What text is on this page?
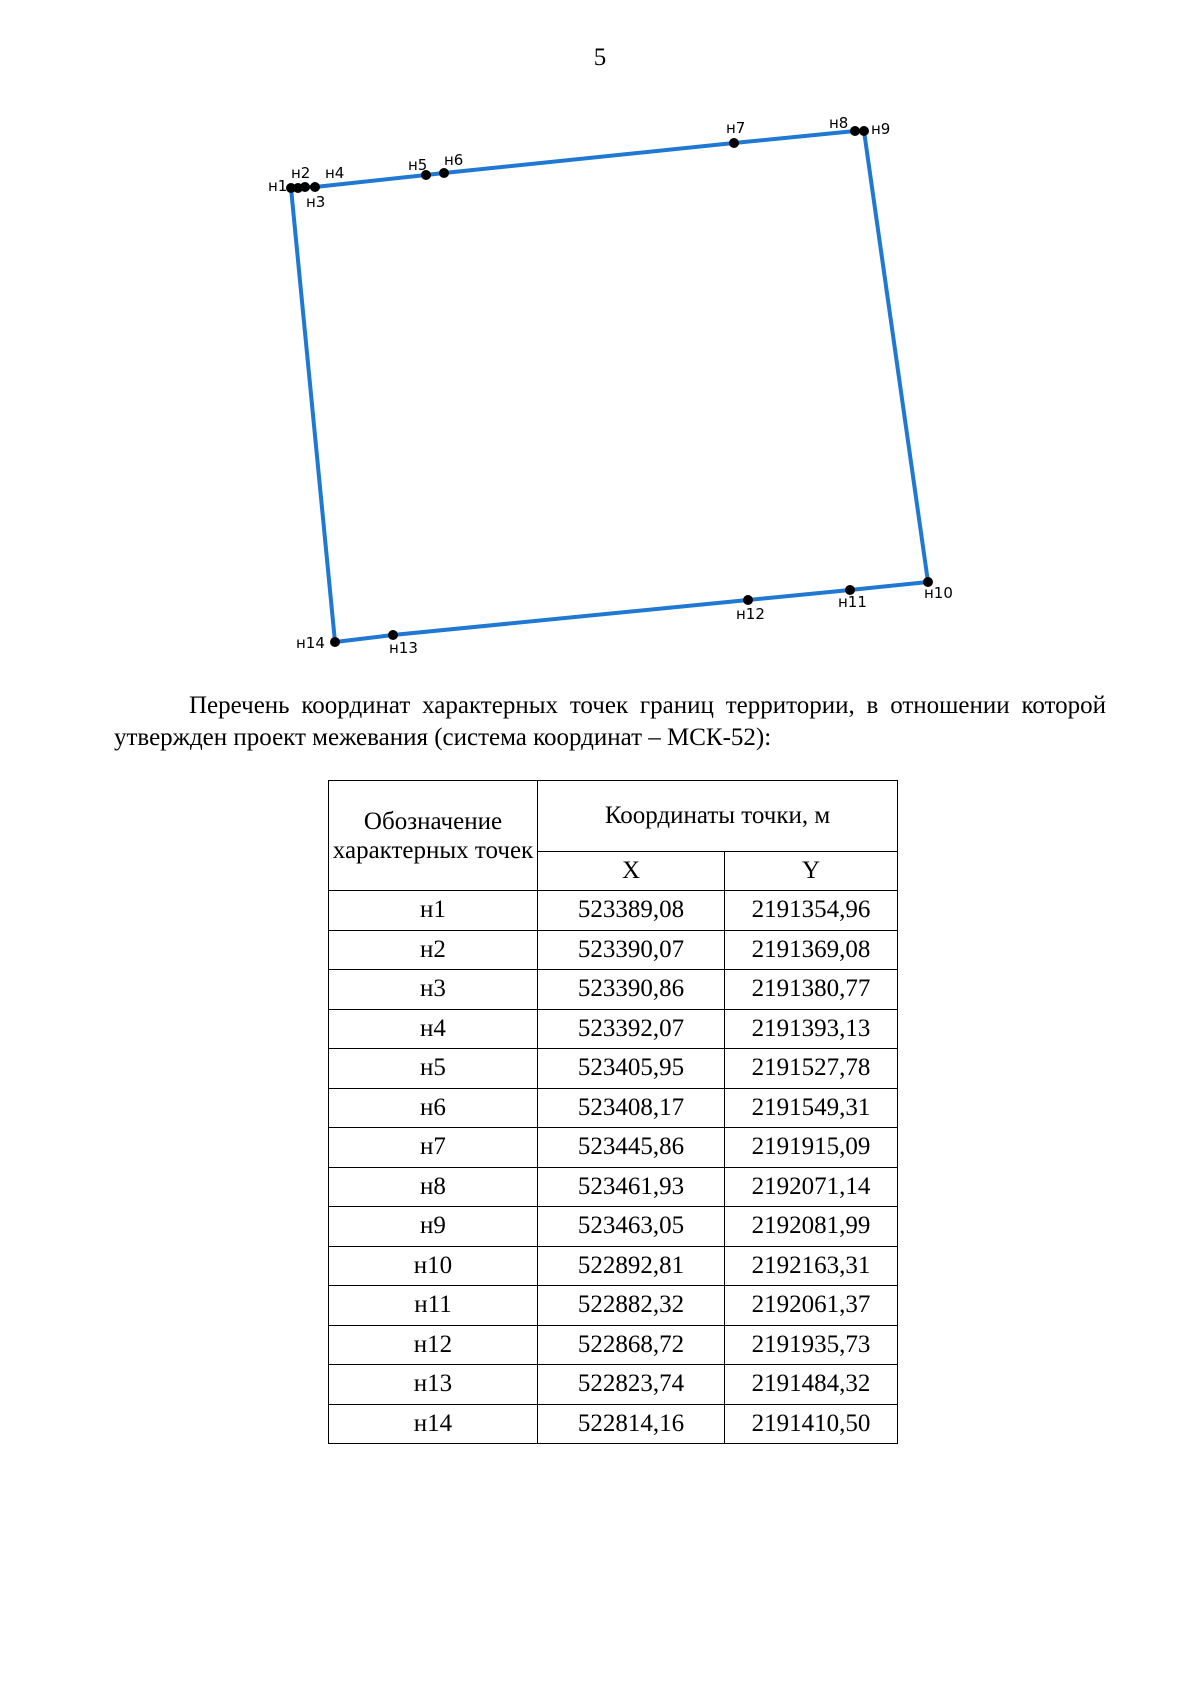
5
н1
н2
н3
н4	н5 н6
н7	н8 н9
н10
н11
н12
н13
н14

Перечень координат характерных точек границ территории, в отношении которой утвержден проект межевания (система координат – МСК-52):

Обозначение характерных точек	Координаты точки, м	
	X	Y
н1	523389,08	2191354,96
н2	523390,07	2191369,08
н3	523390,86	2191380,77
н4	523392,07	2191393,13
н5	523405,95	2191527,78
н6	523408,17	2191549,31
н7	523445,86	2191915,09
н8	523461,93	2192071,14
н9	523463,05	2192081,99
н10	522892,81	2192163,31
н11	522882,32	2192061,37
н12	522868,72	2191935,73
н13	522823,74	2191484,32
н14	522814,16	2191410,50
